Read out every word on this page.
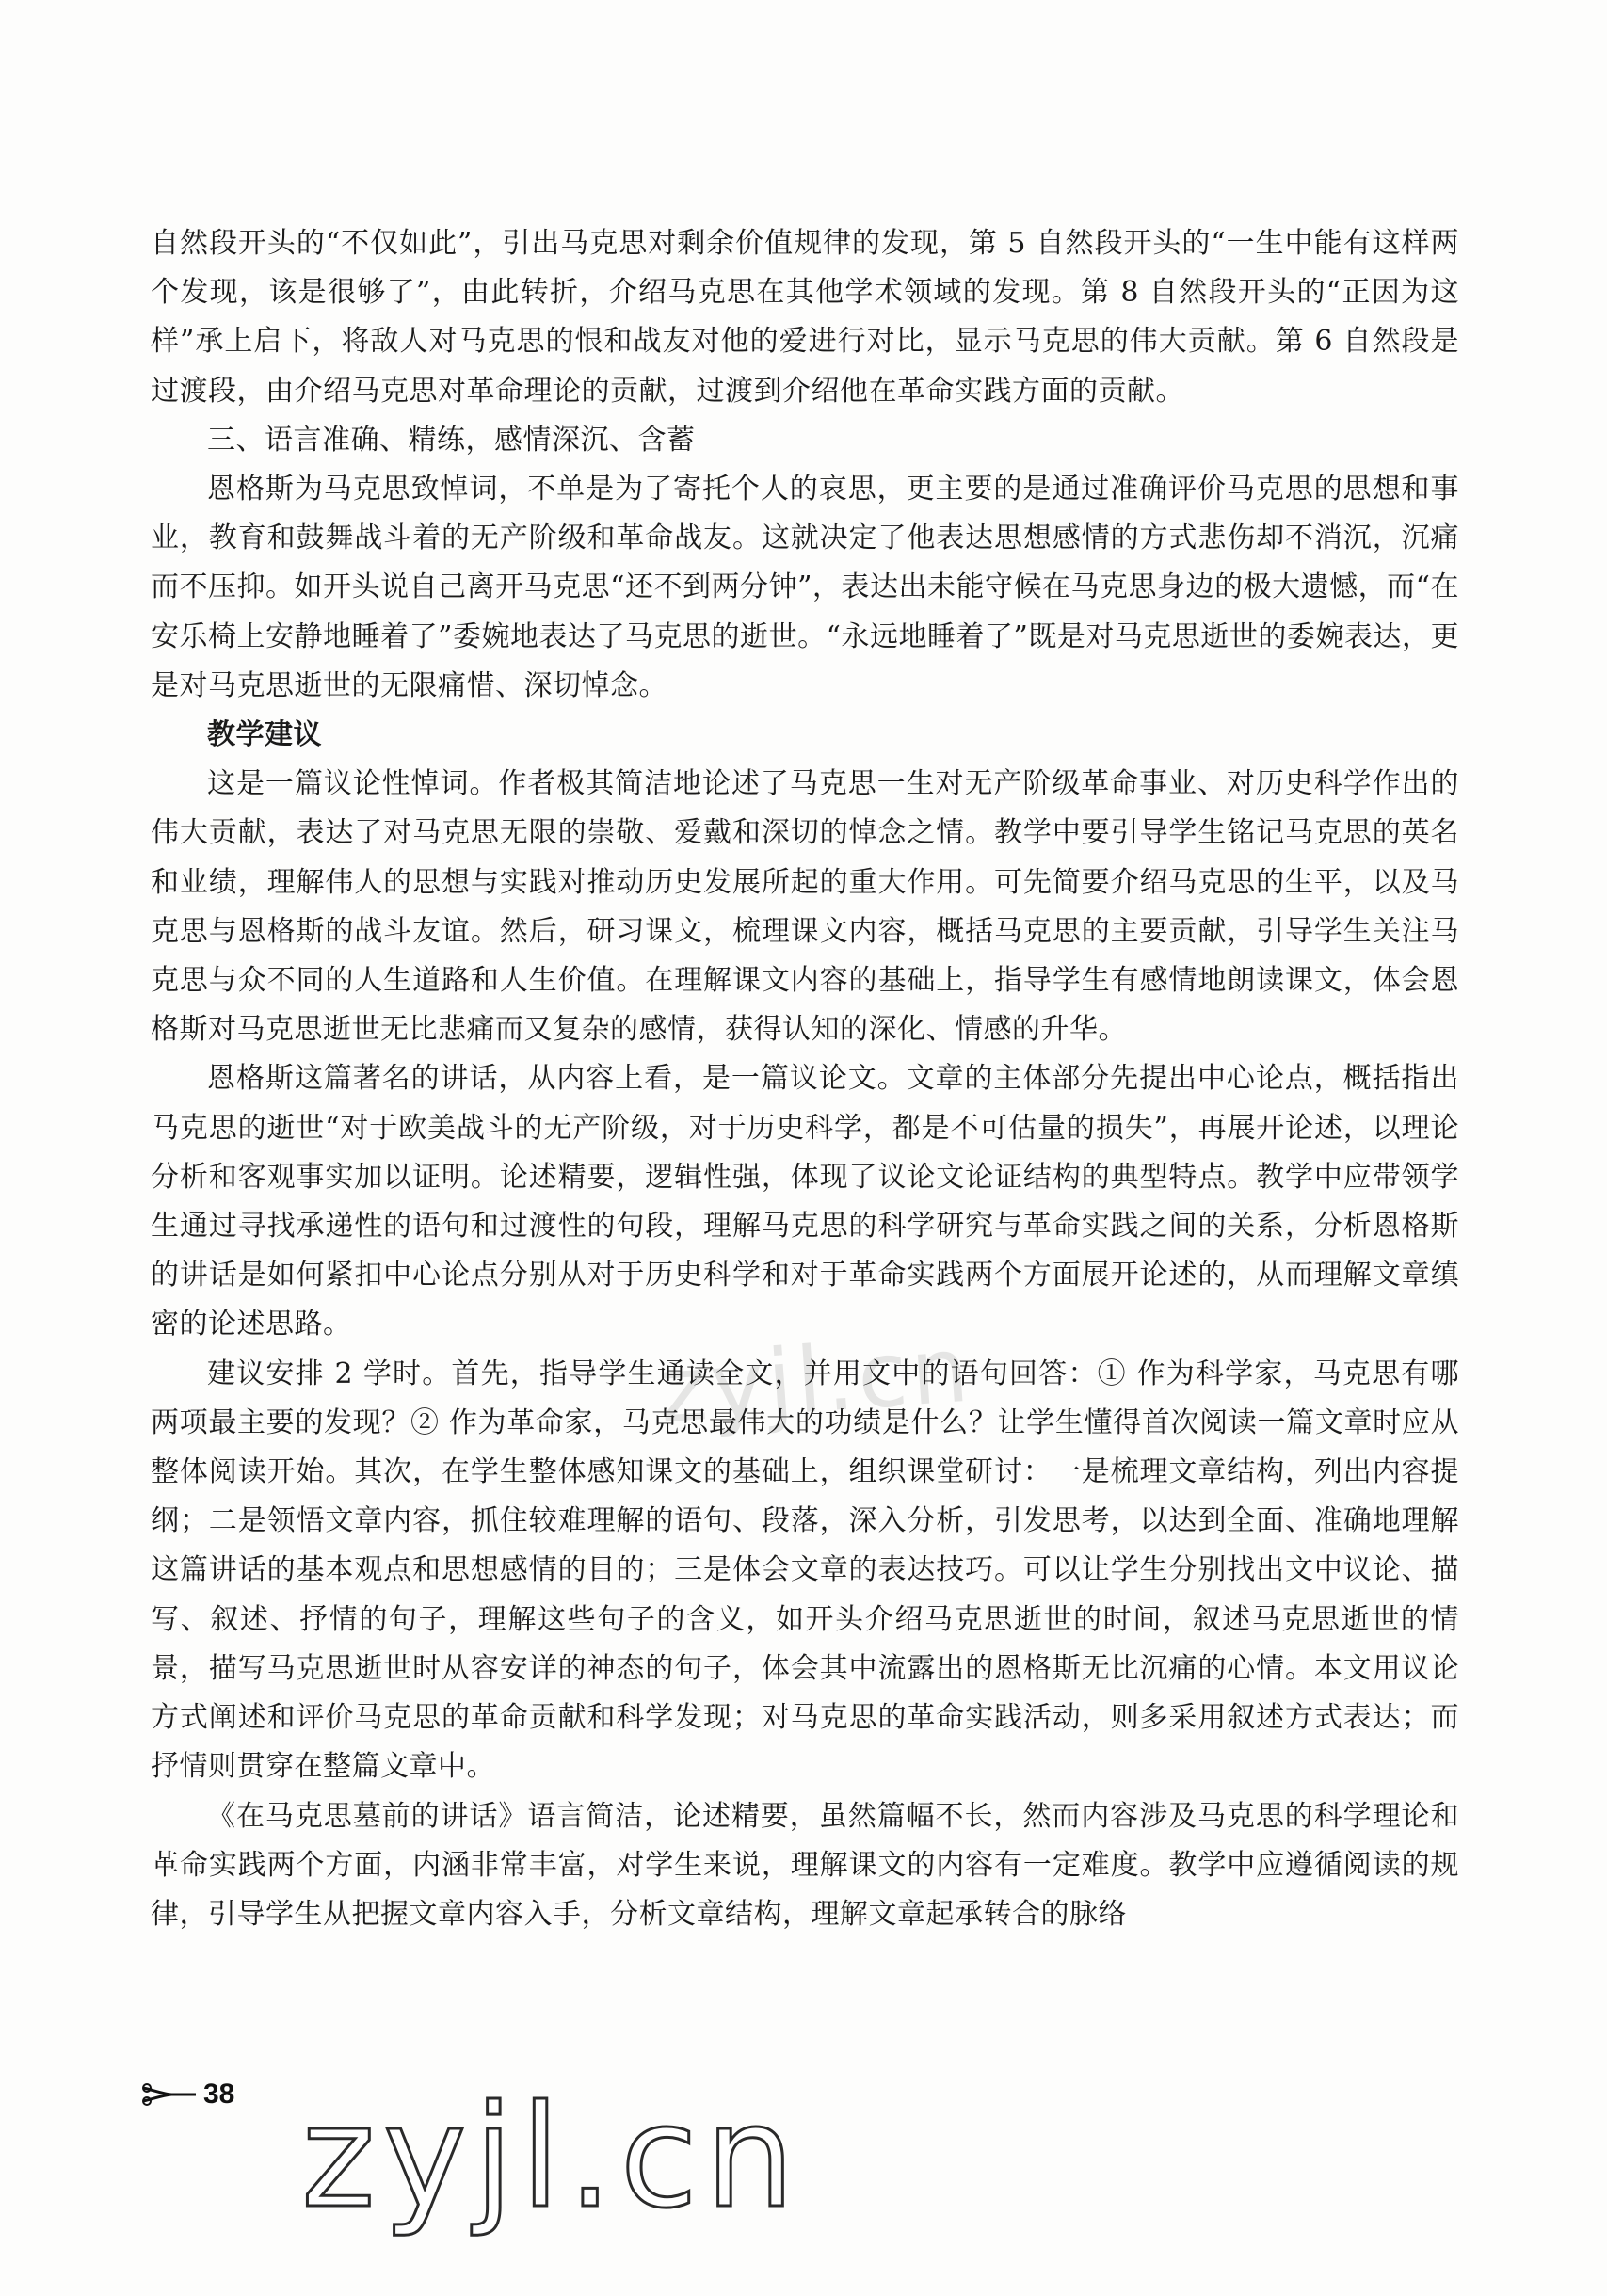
自然段开头的“不仅如此”，引出马克思对剩余价值规律的发现，第 5 自然段开头的“一生中能有这样两个发现，该是很够了”，由此转折，介绍马克思在其他学术领域的发现。第 8 自然段开头的“正因为这样”承上启下，将敌人对马克思的恨和战友对他的爱进行对比，显示马克思的伟大贡献。第 6 自然段是过渡段，由介绍马克思对革命理论的贡献，过渡到介绍他在革命实践方面的贡献。

三、语言准确、精练，感情深沉、含蓄

恩格斯为马克思致悼词，不单是为了寄托个人的哀思，更主要的是通过准确评价马克思的思想和事业，教育和鼓舞战斗着的无产阶级和革命战友。这就决定了他表达思想感情的方式悲伤却不消沉，沉痛而不压抑。如开头说自己离开马克思“还不到两分钟”，表达出未能守候在马克思身边的极大遗憾，而“在安乐椅上安静地睡着了”委婉地表达了马克思的逝世。“永远地睡着了”既是对马克思逝世的委婉表达，更是对马克思逝世的无限痛惜、深切悼念。

教学建议

这是一篇议论性悼词。作者极其简洁地论述了马克思一生对无产阶级革命事业、对历史科学作出的伟大贡献，表达了对马克思无限的崇敬、爱戴和深切的悼念之情。教学中要引导学生铭记马克思的英名和业绩，理解伟人的思想与实践对推动历史发展所起的重大作用。可先简要介绍马克思的生平，以及马克思与恩格斯的战斗友谊。然后，研习课文，梳理课文内容，概括马克思的主要贡献，引导学生关注马克思与众不同的人生道路和人生价值。在理解课文内容的基础上，指导学生有感情地朗读课文，体会恩格斯对马克思逝世无比悲痛而又复杂的感情，获得认知的深化、情感的升华。

恩格斯这篇著名的讲话，从内容上看，是一篇议论文。文章的主体部分先提出中心论点，概括指出马克思的逝世“对于欧美战斗的无产阶级，对于历史科学，都是不可估量的损失”，再展开论述，以理论分析和客观事实加以证明。论述精要，逻辑性强，体现了议论文论证结构的典型特点。教学中应带领学生通过寻找承递性的语句和过渡性的句段，理解马克思的科学研究与革命实践之间的关系，分析恩格斯的讲话是如何紧扣中心论点分别从对于历史科学和对于革命实践两个方面展开论述的，从而理解文章缜密的论述思路。

建议安排 2 学时。首先，指导学生通读全文，并用文中的语句回答：① 作为科学家，马克思有哪两项最主要的发现？② 作为革命家，马克思最伟大的功绩是什么？让学生懂得首次阅读一篇文章时应从整体阅读开始。其次，在学生整体感知课文的基础上，组织课堂研讨：一是梳理文章结构，列出内容提纲；二是领悟文章内容，抓住较难理解的语句、段落，深入分析，引发思考，以达到全面、准确地理解这篇讲话的基本观点和思想感情的目的；三是体会文章的表达技巧。可以让学生分别找出文中议论、描写、叙述、抒情的句子，理解这些句子的含义，如开头介绍马克思逝世的时间，叙述马克思逝世的情景，描写马克思逝世时从容安详的神态的句子，体会其中流露出的恩格斯无比沉痛的心情。本文用议论方式阐述和评价马克思的革命贡献和科学发现；对马克思的革命实践活动，则多采用叙述方式表达；而抒情则贯穿在整篇文章中。

《在马克思墓前的讲话》语言简洁，论述精要，虽然篇幅不长，然而内容涉及马克思的科学理论和革命实践两个方面，内涵非常丰富，对学生来说，理解课文的内容有一定难度。教学中应遵循阅读的规律，引导学生从把握文章内容入手，分析文章结构，理解文章起承转合的脉络

zyjl.cn
38 zyjl.cn
